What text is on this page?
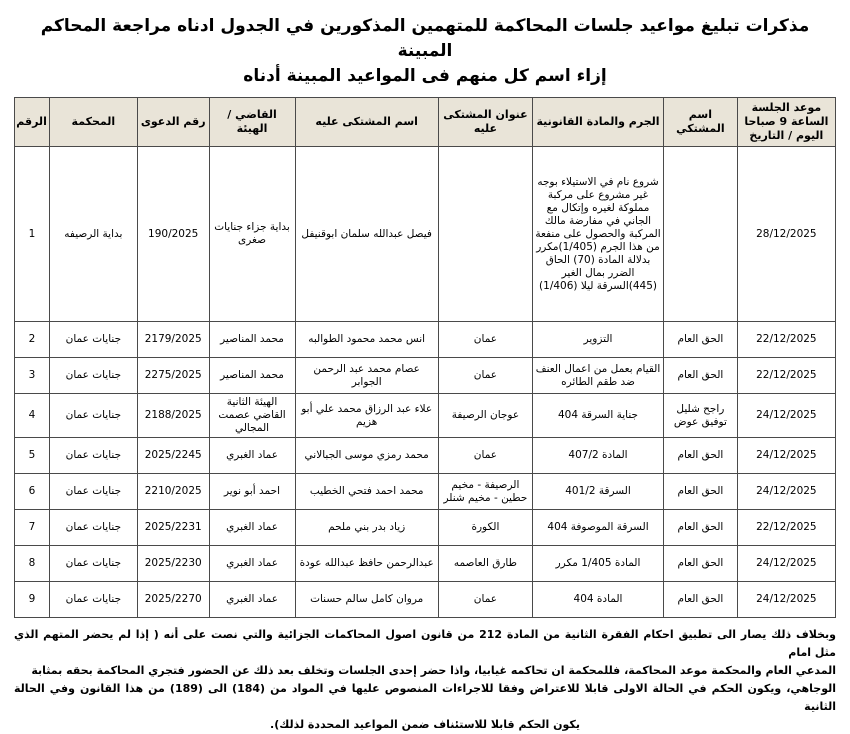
مذكرات تبليغ مواعيد جلسات المحاكمة للمتهمين المذكورين في الجدول ادناه مراجعة المحاكم المبينة
إزاء اسم كل منهم فى المواعيد المبينة أدناه
موعد الجلسة الساعة 9 صباحا اليوم / التاريخ	اسم المشتكي	الجرم والمادة القانونية	عنوان المشتكى عليه	اسم المشتكى عليه	القاضي / الهيئة	رقم الدعوى	المحكمة	الرقم
28/12/2025		شروع نام في الاستيلاء بوجه غير مشروع على مركبة مملوكة لغيره وإتكال مع الجاني في مفارضة مالك المركبة والحصول على منفعة من هذا الجرم (1/405)مكرر بدلالة المادة (70) الحاق الضرر بمال الغير (445)السرقة ليلا (1/406)		فيصل عبدالله سلمان ابوقنيفل	بداية جزاء جنايات صغرى	190/2025	بداية الرصيفه	1
22/12/2025	الحق العام	التزوير	عمان	انس محمد محمود الطوالبه	محمد المناصير	2179/2025	جنايات عمان	2
22/12/2025	الحق العام	القيام بعمل من اعمال العنف ضد طقم الطائره	عمان	عصام محمد عبد الرحمن الجوابر	محمد المناصير	2275/2025	جنايات عمان	3
24/12/2025	راجح شليل توفيق عوض	جناية السرقة 404	عوجان الرصيفة	علاء عبد الرزاق محمد علي أبو هزيم	الهيئة الثانية القاضي عصمت المجالي	2188/2025	جنايات عمان	4
24/12/2025	الحق العام	المادة 407/2	عمان	محمد رمزي موسى الجبالاني	عماد الغبري	2025/2245	جنايات عمان	5
24/12/2025	الحق العام	السرقة 401/2	الرصيفة - مخيم حطين - مخيم شنلر	محمد احمد فتحي الخطيب	احمد أبو نوير	2210/2025	جنايات عمان	6
22/12/2025	الحق العام	السرقة الموصوفة 404	الكورة	زياد بدر بني ملحم	عماد الغبري	2025/2231	جنايات عمان	7
24/12/2025	الحق العام	المادة 1/405 مكرر	طارق العاصمه	عبدالرحمن حافظ عبدالله عودة	عماد الغبري	2025/2230	جنايات عمان	8
24/12/2025	الحق العام	المادة 404	عمان	مروان كامل سالم حسنات	عماد الغبري	2025/2270	جنايات عمان	9
وبخلاف ذلك يصار الى تطبيق احكام الفقرة الثانية من المادة 212 من قانون اصول المحاكمات الجزائية والتي نصت على أنه ( إذا لم يحضر المتهم الذي مثل امام
المدعي العام والمحكمة موعد المحاكمة، فللمحكمة ان تحاكمه غيابيا، واذا حضر إحدى الجلسات وتخلف بعد ذلك عن الحضور فتجري المحاكمة بحقه بمثابة
الوجاهي، ويكون الحكم في الحالة الاولى قابلا للاعتراض وفقا للاجراءات المنصوص عليها في المواد من (184) الى (189) من هذا القانون وفي الحالة الثانية
يكون الحكم قابلا للاستئناف ضمن المواعيد المحددة لذلك).
